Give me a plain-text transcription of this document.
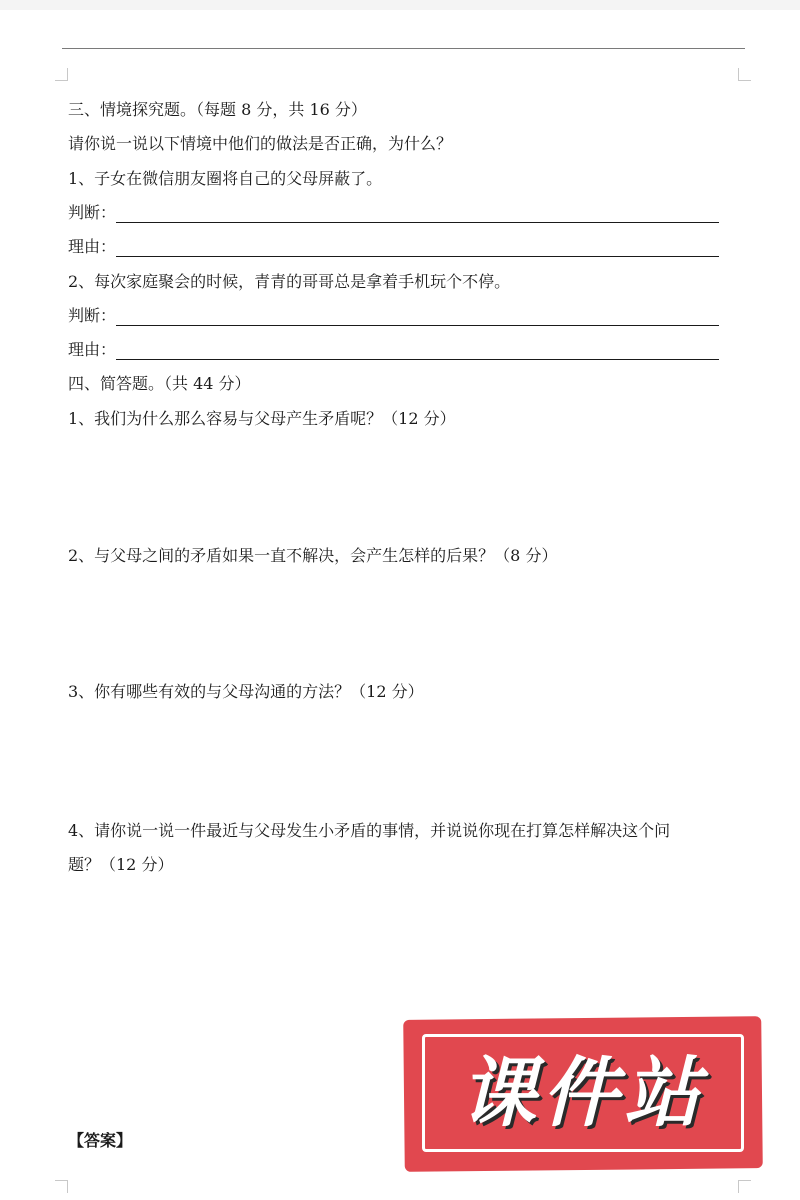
三、情境探究题。（每题 8 分，共 16 分）
请你说一说以下情境中他们的做法是否正确，为什么？
1、子女在微信朋友圈将自己的父母屏蔽了。
判断：
理由：
2、每次家庭聚会的时候，青青的哥哥总是拿着手机玩个不停。
判断：
理由：
四、简答题。（共 44 分）
1、我们为什么那么容易与父母产生矛盾呢？（12 分）
2、与父母之间的矛盾如果一直不解决，会产生怎样的后果？（8 分）
3、你有哪些有效的与父母沟通的方法？（12 分）
4、请你说一说一件最近与父母发生小矛盾的事情，并说说你现在打算怎样解决这个问
题？（12 分）
【答案】
课件站
